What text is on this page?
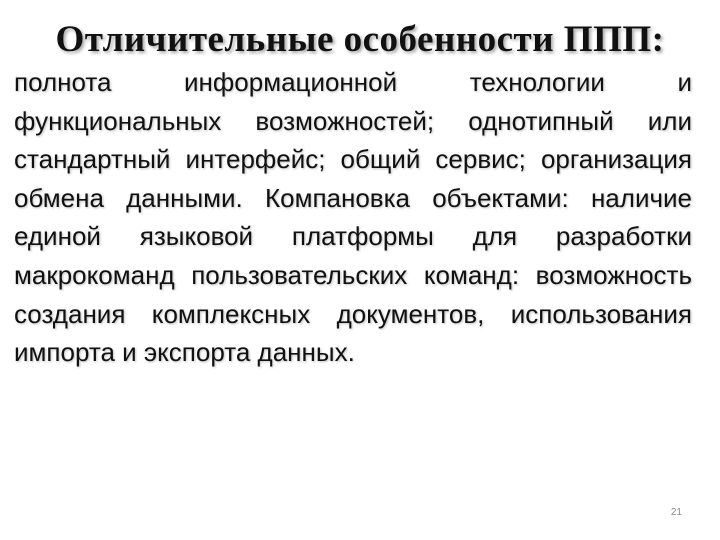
Отличительные особенности ППП:

полнота информационной технологии и функциональных возможностей; однотипный или стандартный интерфейс; общий сервис; организация обмена данными. Компановка объектами: наличие единой языковой платформы для разработки макрокоманд пользовательских команд: возможность создания комплексных документов, использования импорта и экспорта данных.

21
